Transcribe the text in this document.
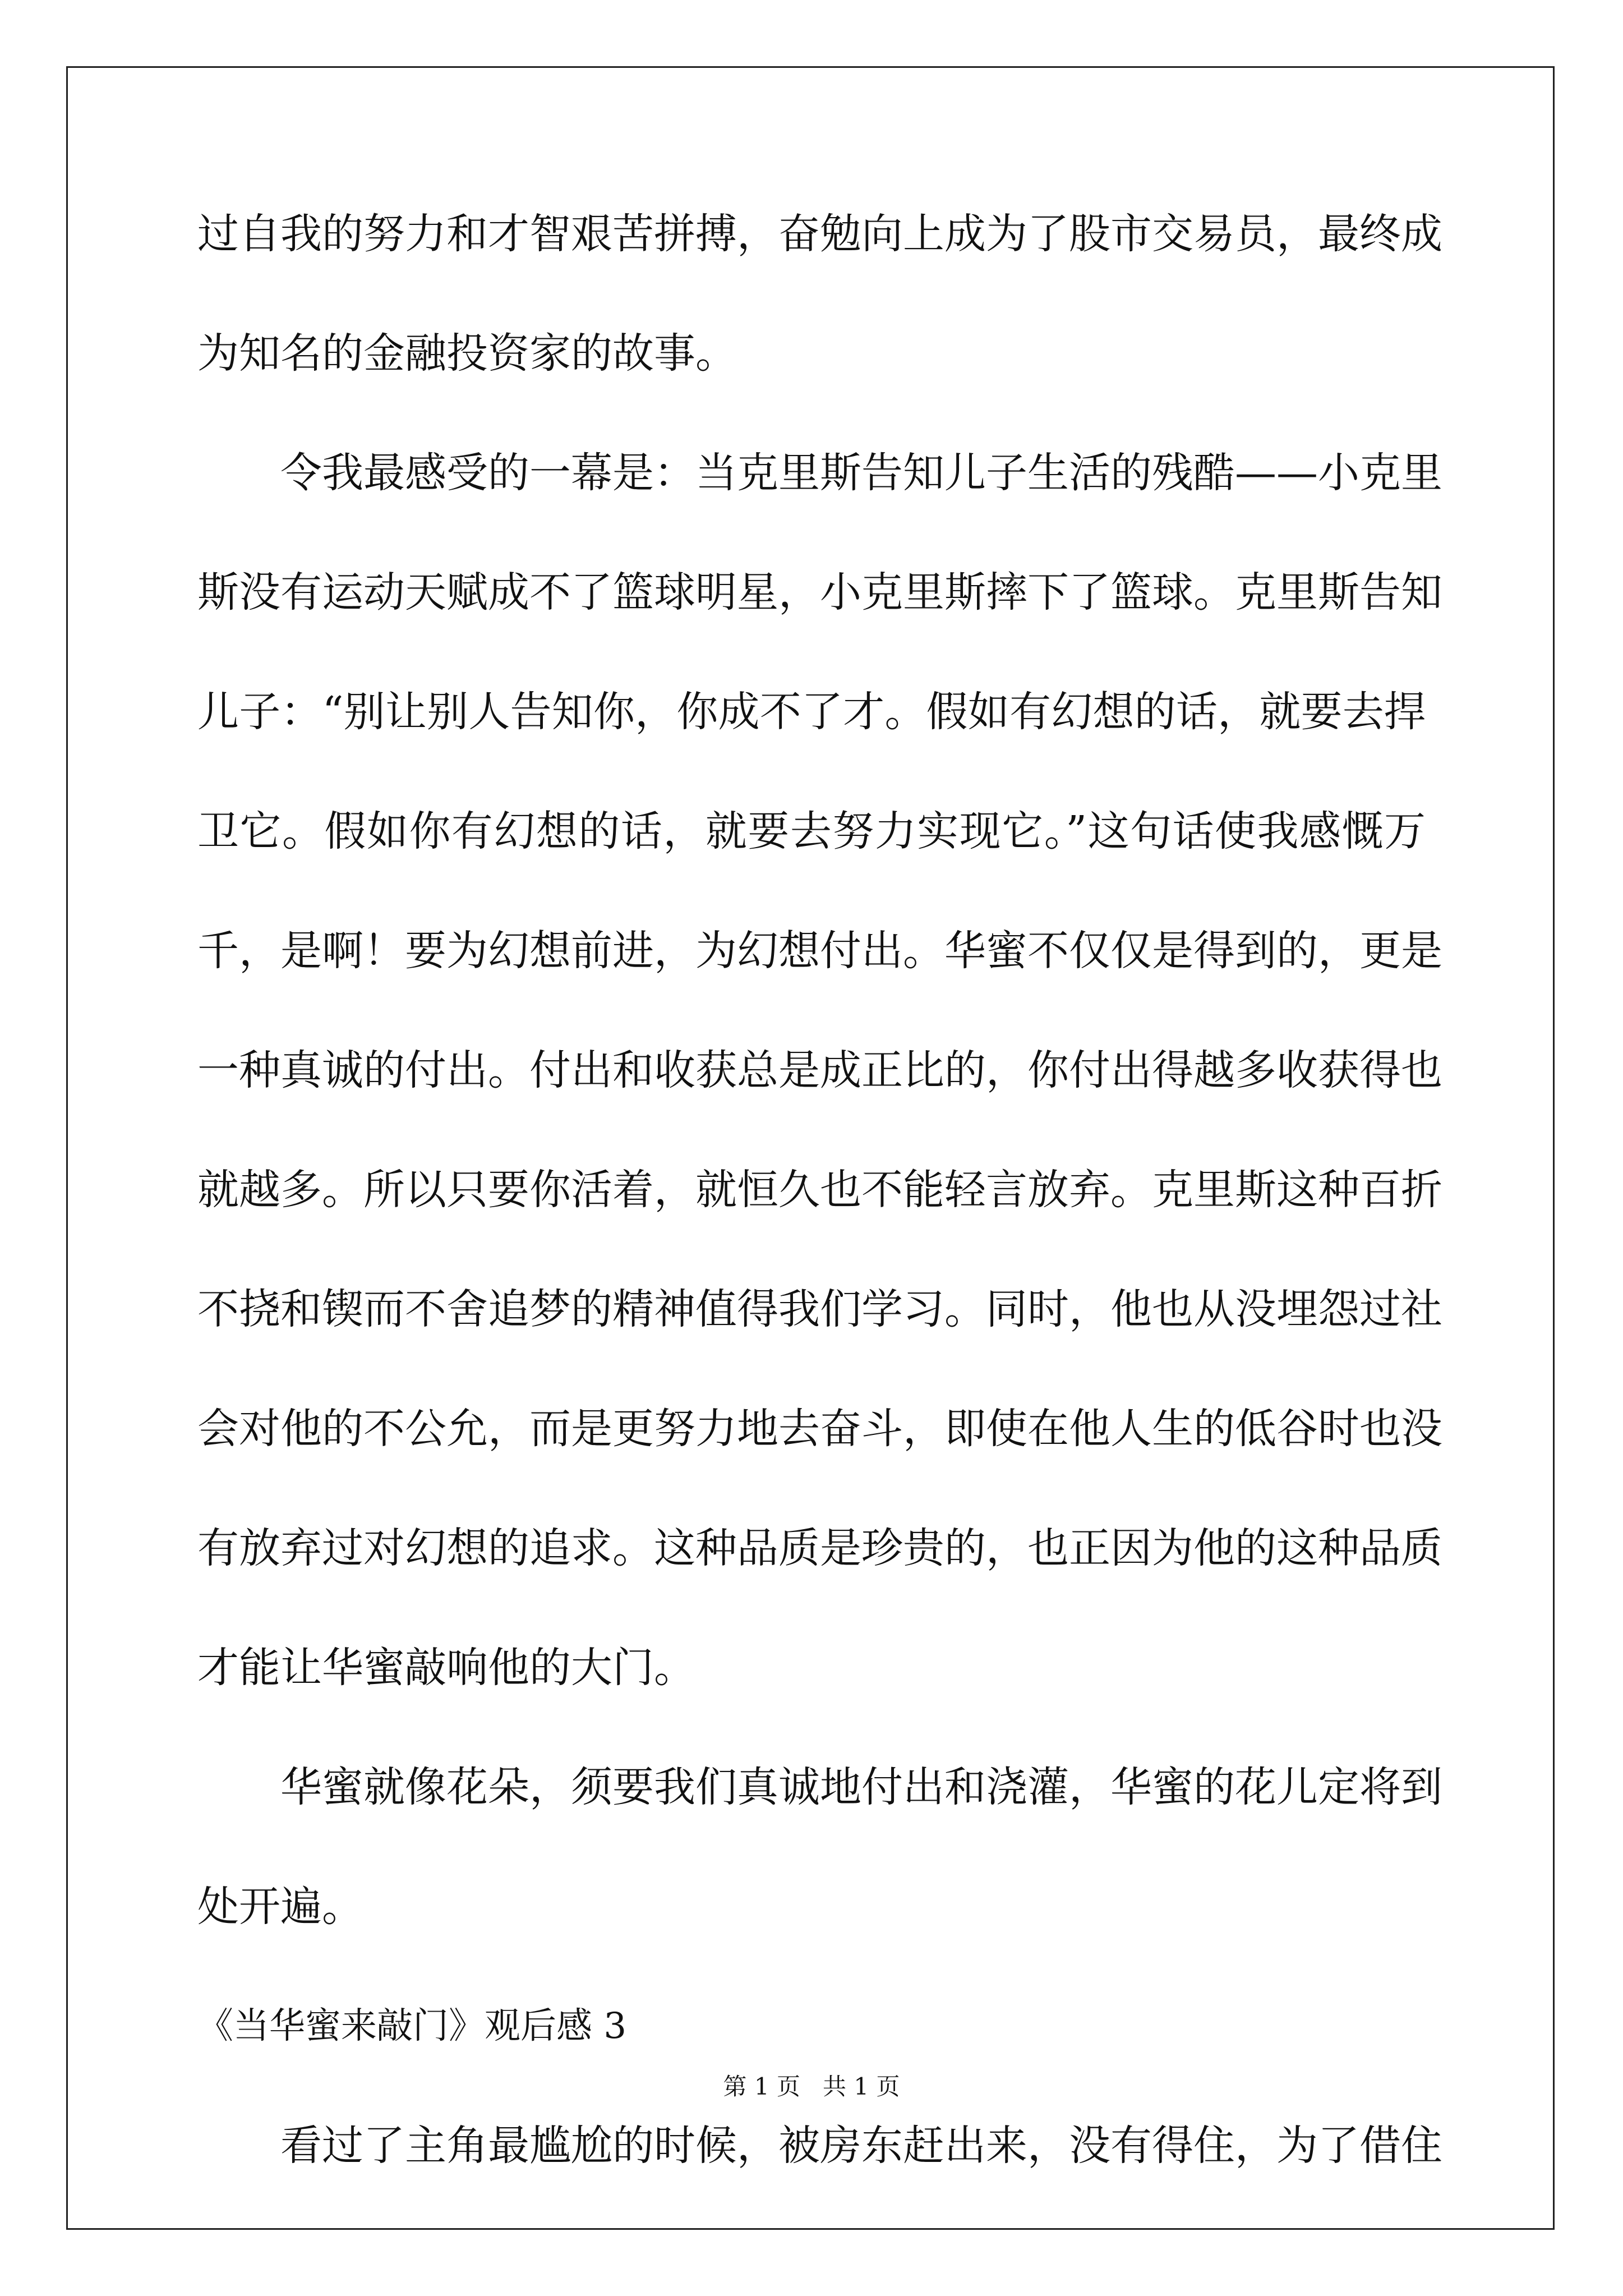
过自我的努力和才智艰苦拼搏，奋勉向上成为了股市交易员，最终成
为知名的金融投资家的故事。
令我最感受的一幕是：当克里斯告知儿子生活的残酷——小克里
斯没有运动天赋成不了篮球明星，小克里斯摔下了篮球。克里斯告知
儿子：“别让别人告知你，你成不了才。假如有幻想的话，就要去捍
卫它。假如你有幻想的话，就要去努力实现它。”这句话使我感慨万
千，是啊！要为幻想前进，为幻想付出。华蜜不仅仅是得到的，更是
一种真诚的付出。付出和收获总是成正比的，你付出得越多收获得也
就越多。所以只要你活着，就恒久也不能轻言放弃。克里斯这种百折
不挠和锲而不舍追梦的精神值得我们学习。同时，他也从没埋怨过社
会对他的不公允，而是更努力地去奋斗，即使在他人生的低谷时也没
有放弃过对幻想的追求。这种品质是珍贵的，也正因为他的这种品质
才能让华蜜敲响他的大门。
华蜜就像花朵，须要我们真诚地付出和浇灌，华蜜的花儿定将到
处开遍。
《当华蜜来敲门》观后感 3
看过了主角最尴尬的时候，被房东赶出来，没有得住，为了借住
第 1 页 共 1 页
